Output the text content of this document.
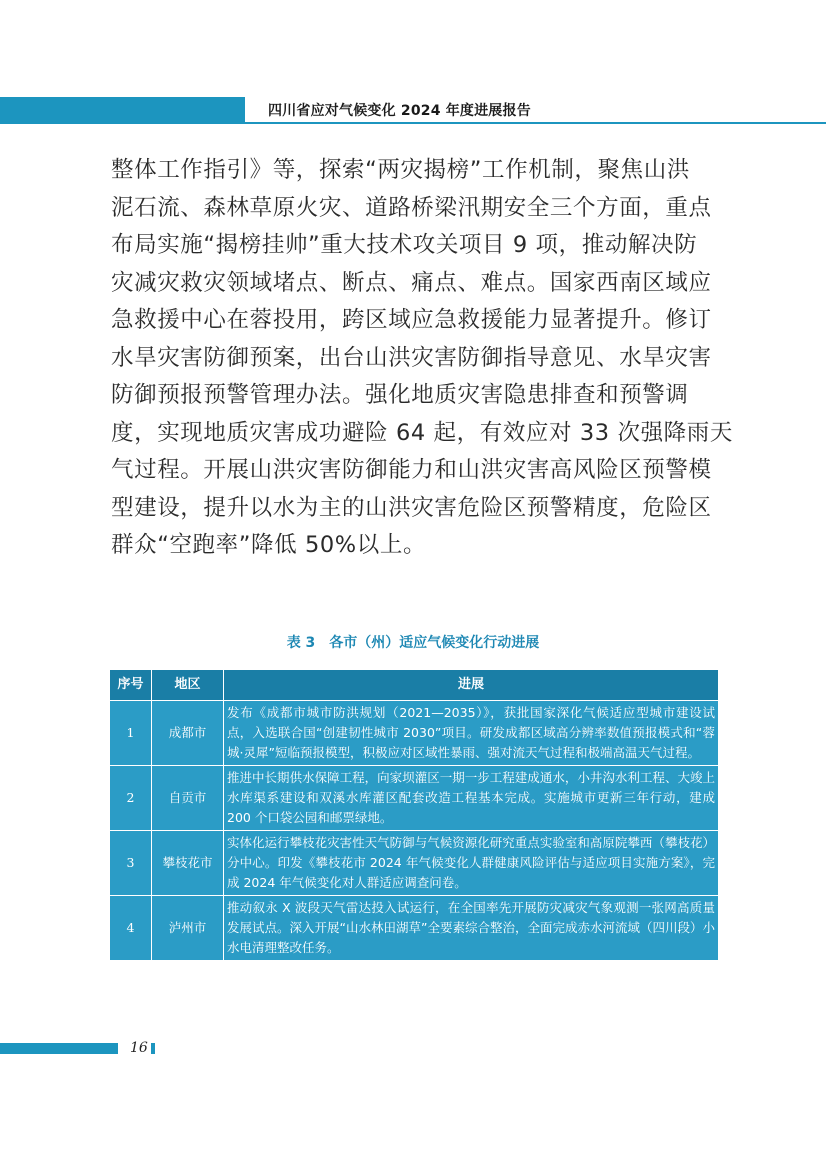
四川省应对气候变化 2024 年度进展报告
整体工作指引》等，探索“两灾揭榜”工作机制，聚焦山洪
泥石流、森林草原火灾、道路桥梁汛期安全三个方面，重点
布局实施“揭榜挂帅”重大技术攻关项目 9 项，推动解决防
灾减灾救灾领域堵点、断点、痛点、难点。国家西南区域应
急救援中心在蓉投用，跨区域应急救援能力显著提升。修订
水旱灾害防御预案，出台山洪灾害防御指导意见、水旱灾害
防御预报预警管理办法。强化地质灾害隐患排查和预警调
度，实现地质灾害成功避险 64 起，有效应对 33 次强降雨天
气过程。开展山洪灾害防御能力和山洪灾害高风险区预警模
型建设，提升以水为主的山洪灾害危险区预警精度，危险区
群众“空跑率”降低 50%以上。
表 3　各市（州）适应气候变化行动进展
序号	地区	进展
1	成都市	发布《成都市城市防洪规划（2021—2035）》，获批国家深化气候适应型城市建设试点，入选联合国“创建韧性城市 2030”项目。研发成都区域高分辨率数值预报模式和“蓉城·灵犀”短临预报模型，积极应对区域性暴雨、强对流天气过程和极端高温天气过程。
2	自贡市	推进中长期供水保障工程，向家坝灌区一期一步工程建成通水，小井沟水利工程、大竣上水库渠系建设和双溪水库灌区配套改造工程基本完成。实施城市更新三年行动，建成 200 个口袋公园和邮票绿地。
3	攀枝花市	实体化运行攀枝花灾害性天气防御与气候资源化研究重点实验室和高原院攀西（攀枝花）分中心。印发《攀枝花市 2024 年气候变化人群健康风险评估与适应项目实施方案》，完成 2024 年气候变化对人群适应调查问卷。
4	泸州市	推动叙永 X 波段天气雷达投入试运行，在全国率先开展防灾减灾气象观测一张网高质量发展试点。深入开展“山水林田湖草”全要素综合整治，全面完成赤水河流域（四川段）小水电清理整改任务。
16
